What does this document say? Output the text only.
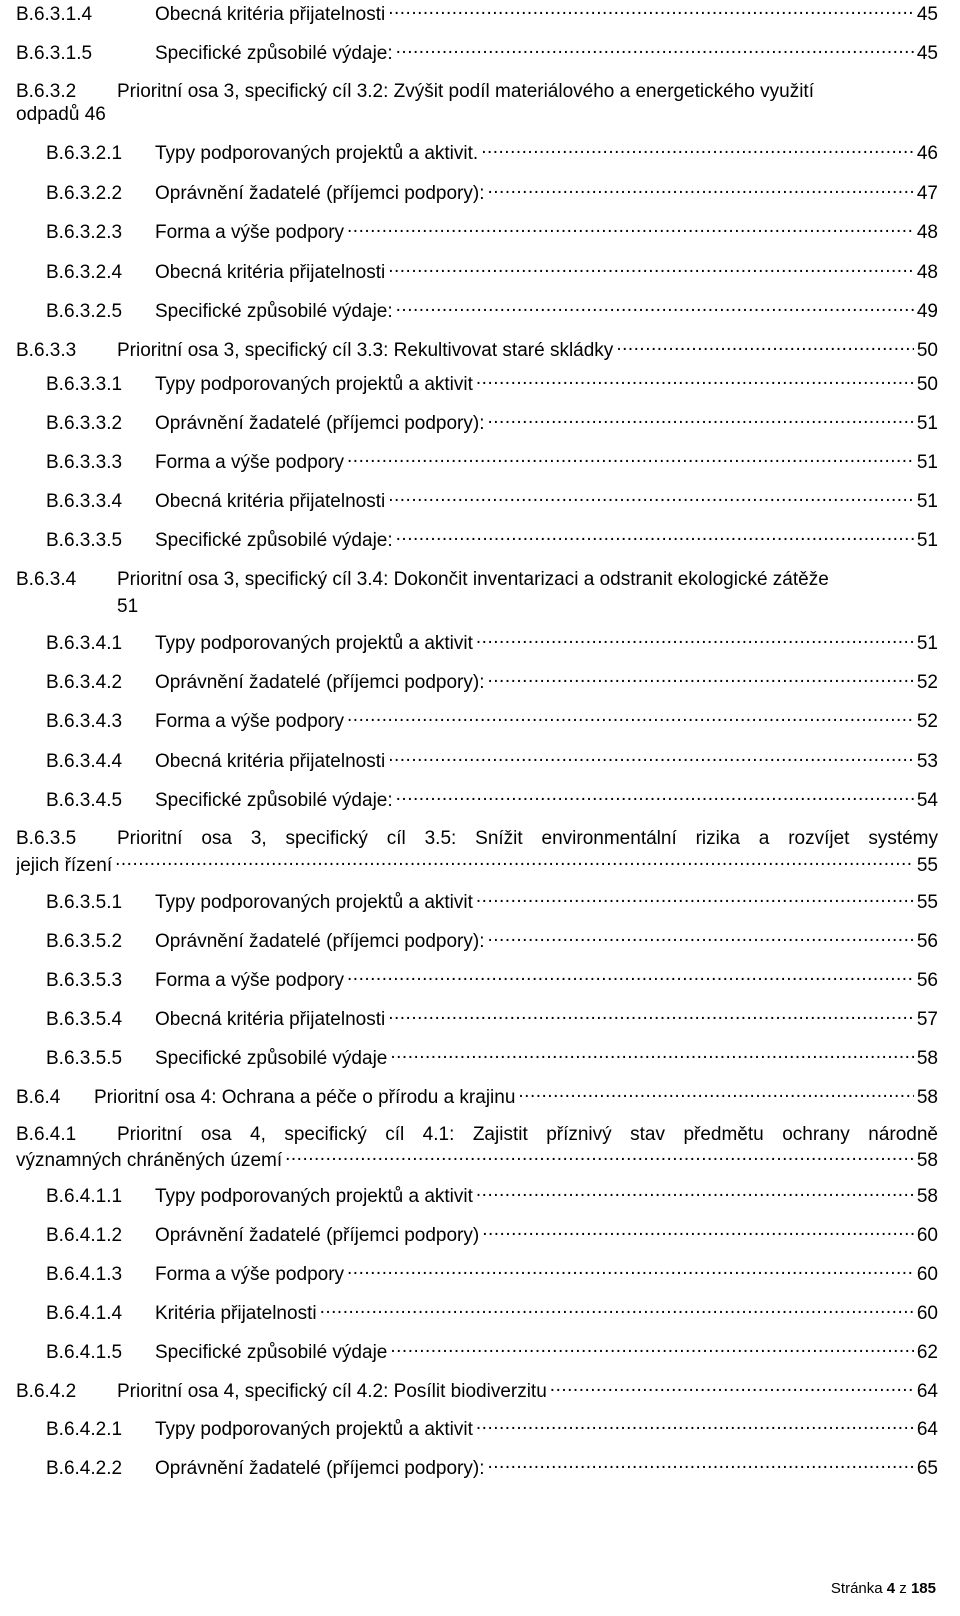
B.6.3.1.4	Obecná kritéria přijatelnosti .....	45
B.6.3.1.5	Specifické způsobilé výdaje: .....	45
B.6.3.2 Prioritní osa 3, specifický cíl 3.2: Zvýšit podíl materiálového a energetického využití
odpadů 46
B.6.3.2.1	Typy podporovaných projektů a aktivit. .....	46
B.6.3.2.2	Oprávnění žadatelé (příjemci podpory): .....	47
B.6.3.2.3	Forma a výše podpory .....	48
B.6.3.2.4	Obecná kritéria přijatelnosti .....	48
B.6.3.2.5	Specifické způsobilé výdaje: .....	49
B.6.3.3	Prioritní osa 3, specifický cíl 3.3: Rekultivovat staré skládky .....	50
B.6.3.3.1	Typy podporovaných projektů a aktivit .....	50
B.6.3.3.2	Oprávnění žadatelé (příjemci podpory): .....	51
B.6.3.3.3	Forma a výše podpory .....	51
B.6.3.3.4	Obecná kritéria přijatelnosti .....	51
B.6.3.3.5	Specifické způsobilé výdaje: .....	51
B.6.3.4 Prioritní osa 3, specifický cíl 3.4: Dokončit inventarizaci a odstranit ekologické zátěže
51
B.6.3.4.1	Typy podporovaných projektů a aktivit .....	51
B.6.3.4.2	Oprávnění žadatelé (příjemci podpory): .....	52
B.6.3.4.3	Forma a výše podpory .....	52
B.6.3.4.4	Obecná kritéria přijatelnosti .....	53
B.6.3.4.5	Specifické způsobilé výdaje: .....	54
B.6.3.5	Prioritní osa 3, specifický cíl 3.5: Snížit environmentální rizika a rozvíjet systémy
jejich řízení .....	55
B.6.3.5.1	Typy podporovaných projektů a aktivit .....	55
B.6.3.5.2	Oprávnění žadatelé (příjemci podpory): .....	56
B.6.3.5.3	Forma a výše podpory .....	56
B.6.3.5.4	Obecná kritéria přijatelnosti .....	57
B.6.3.5.5	Specifické způsobilé výdaje .....	58
B.6.4	Prioritní osa 4: Ochrana a péče o přírodu a krajinu .....	58
B.6.4.1	Prioritní osa 4, specifický cíl 4.1: Zajistit příznivý stav předmětu ochrany národně
významných chráněných území .....	58
B.6.4.1.1	Typy podporovaných projektů a aktivit .....	58
B.6.4.1.2	Oprávnění žadatelé (příjemci podpory) .....	60
B.6.4.1.3	Forma a výše podpory .....	60
B.6.4.1.4	Kritéria přijatelnosti .....	60
B.6.4.1.5	Specifické způsobilé výdaje .....	62
B.6.4.2	Prioritní osa 4, specifický cíl 4.2: Posílit biodiverzitu .....	64
B.6.4.2.1	Typy podporovaných projektů a aktivit .....	64
B.6.4.2.2	Oprávnění žadatelé (příjemci podpory): .....	65
Stránka 4 z 185
